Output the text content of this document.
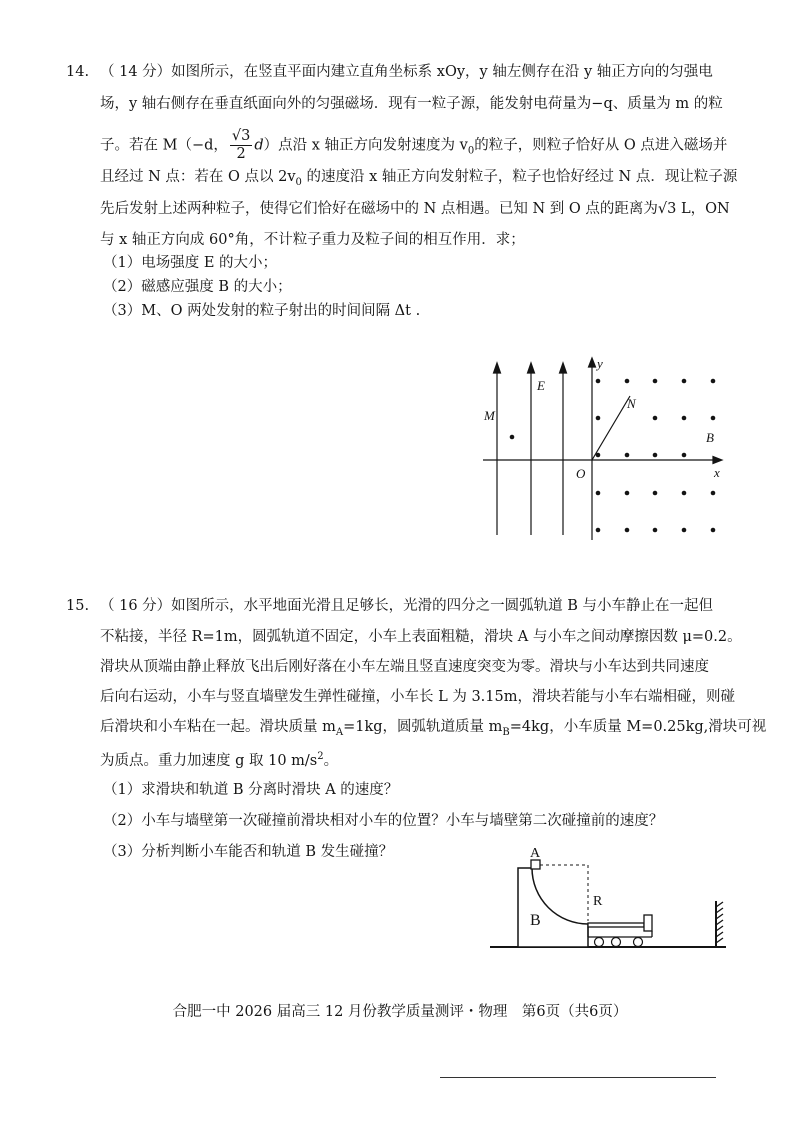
14. （ 14 分）如图所示，在竖直平面内建立直角坐标系 xOy，y 轴左侧存在沿 y 轴正方向的匀强电
场，y 轴右侧存在垂直纸面向外的匀强磁场．现有一粒子源，能发射电荷量为−q、质量为 m 的粒
子。若在 M（−d， $\frac{√3}{2} d$）点沿 x 轴正方向发射速度为 $v_0$的粒子，则粒子恰好从 O 点进入磁场并
且经过 N 点：若在 O 点以 $2v_0$ 的速度沿 x 轴正方向发射粒子，粒子也恰好经过 N 点．现让粒子源
先后发射上述两种粒子，使得它们恰好在磁场中的 N 点相遇。已知 N 到 O 点的距离为√3 L，ON
与 x 轴正方向成 60°角，不计粒子重力及粒子间的相互作用．求；
（1）电场强度 E 的大小；
（2）磁感应强度 B 的大小；
（3）M、O 两处发射的粒子射出的时间间隔 Δt .
y
x
O
E
M
N
B
15. （ 16 分）如图所示，水平地面光滑且足够长，光滑的四分之一圆弧轨道 B 与小车静止在一起但
不粘接，半径 R=1m，圆弧轨道不固定，小车上表面粗糙，滑块 A 与小车之间动摩擦因数 μ=0.2。
滑块从顶端由静止释放飞出后刚好落在小车左端且竖直速度突变为零。滑块与小车达到共同速度
后向右运动，小车与竖直墙壁发生弹性碰撞，小车长 L 为 3.15m，滑块若能与小车右端相碰，则碰
后滑块和小车粘在一起。滑块质量 $m_A=1kg$，圆弧轨道质量 $m_B=4kg$，小车质量 M=0.25kg,滑块可视
为质点。重力加速度 g 取 10 $m/s^2$。
（1）求滑块和轨道 B 分离时滑块 A 的速度？
（2）小车与墙壁第一次碰撞前滑块相对小车的位置？小车与墙壁第二次碰撞前的速度？
（3）分析判断小车能否和轨道 B 发生碰撞？	A
B
R
合肥一中 2026 届高三 12 月份教学质量测评・物理　第6页（共6页）
